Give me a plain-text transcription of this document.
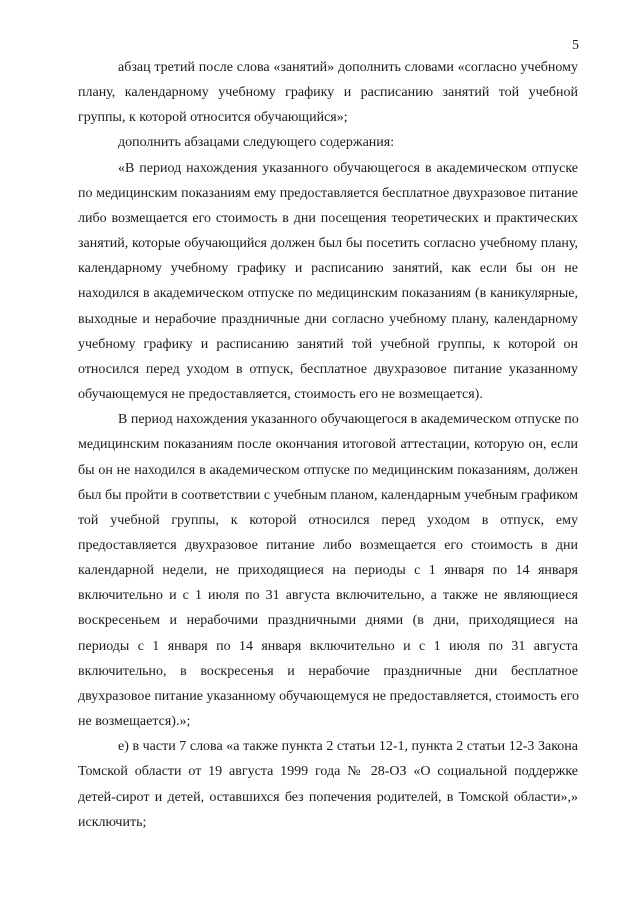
5
абзац третий после слова «занятий» дополнить словами «согласно учебному
плану, календарному учебному графику и расписанию занятий той учебной
группы, к которой относится обучающийся»;
дополнить абзацами следующего содержания:
«В период нахождения указанного обучающегося в академическом отпуске
по медицинским показаниям ему предоставляется бесплатное двухразовое питание
либо возмещается его стоимость в дни посещения теоретических и практических
занятий, которые обучающийся должен был бы посетить согласно учебному плану,
календарному учебному графику и расписанию занятий, как если бы он не
находился в академическом отпуске по медицинским показаниям (в каникулярные,
выходные и нерабочие праздничные дни согласно учебному плану, календарному
учебному графику и расписанию занятий той учебной группы, к которой он
относился перед уходом в отпуск, бесплатное двухразовое питание указанному
обучающемуся не предоставляется, стоимость его не возмещается).
В период нахождения указанного обучающегося в академическом отпуске по
медицинским показаниям после окончания итоговой аттестации, которую он, если
бы он не находился в академическом отпуске по медицинским показаниям, должен
был бы пройти в соответствии с учебным планом, календарным учебным графиком
той учебной группы, к которой относился перед уходом в отпуск, ему
предоставляется двухразовое питание либо возмещается его стоимость в дни
календарной недели, не приходящиеся на периоды с 1 января по 14 января
включительно и с 1 июля по 31 августа включительно, а также не являющиеся
воскресеньем и нерабочими праздничными днями (в дни, приходящиеся на
периоды с 1 января по 14 января включительно и с 1 июля по 31 августа
включительно, в воскресенья и нерабочие праздничные дни бесплатное
двухразовое питание указанному обучающемуся не предоставляется, стоимость его
не возмещается).»;
е) в части 7 слова «а также пункта 2 статьи 12-1, пункта 2 статьи 12-3 Закона
Томской области от 19 августа 1999 года № 28-ОЗ «О социальной поддержке
детей-сирот и детей, оставшихся без попечения родителей, в Томской области»,»
исключить;
